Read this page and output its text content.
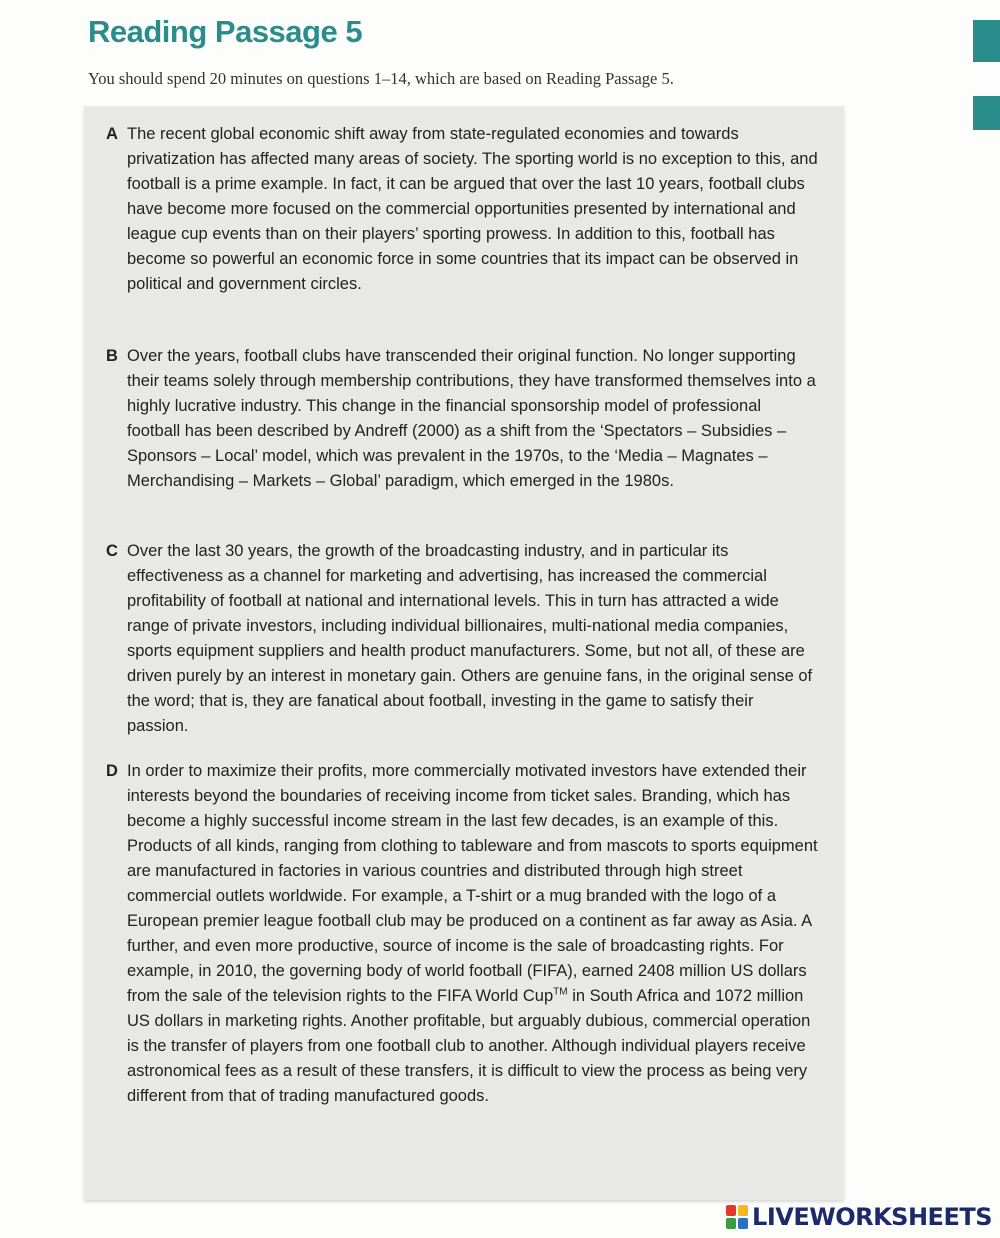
Reading Passage 5

You should spend 20 minutes on questions 1–14, which are based on Reading Passage 5.

A The recent global economic shift away from state-regulated economies and towards privatization has affected many areas of society. The sporting world is no exception to this, and football is a prime example. In fact, it can be argued that over the last 10 years, football clubs have become more focused on the commercial opportunities presented by international and league cup events than on their players’ sporting prowess. In addition to this, football has become so powerful an economic force in some countries that its impact can be observed in political and government circles.

B Over the years, football clubs have transcended their original function. No longer supporting their teams solely through membership contributions, they have transformed themselves into a highly lucrative industry. This change in the financial sponsorship model of professional football has been described by Andreff (2000) as a shift from the ‘Spectators – Subsidies – Sponsors – Local’ model, which was prevalent in the 1970s, to the ‘Media – Magnates – Merchandising – Markets – Global’ paradigm, which emerged in the 1980s.

C Over the last 30 years, the growth of the broadcasting industry, and in particular its effectiveness as a channel for marketing and advertising, has increased the commercial profitability of football at national and international levels. This in turn has attracted a wide range of private investors, including individual billionaires, multi-national media companies, sports equipment suppliers and health product manufacturers. Some, but not all, of these are driven purely by an interest in monetary gain. Others are genuine fans, in the original sense of the word; that is, they are fanatical about football, investing in the game to satisfy their passion.

D In order to maximize their profits, more commercially motivated investors have extended their interests beyond the boundaries of receiving income from ticket sales. Branding, which has become a highly successful income stream in the last few decades, is an example of this. Products of all kinds, ranging from clothing to tableware and from mascots to sports equipment are manufactured in factories in various countries and distributed through high street commercial outlets worldwide. For example, a T-shirt or a mug branded with the logo of a European premier league football club may be produced on a continent as far away as Asia. A further, and even more productive, source of income is the sale of broadcasting rights. For example, in 2010, the governing body of world football (FIFA), earned 2408 million US dollars from the sale of the television rights to the FIFA World Cup™ in South Africa and 1072 million US dollars in marketing rights. Another profitable, but arguably dubious, commercial operation is the transfer of players from one football club to another. Although individual players receive astronomical fees as a result of these transfers, it is difficult to view the process as being very different from that of trading manufactured goods.

LIVEWORKSHEETS
